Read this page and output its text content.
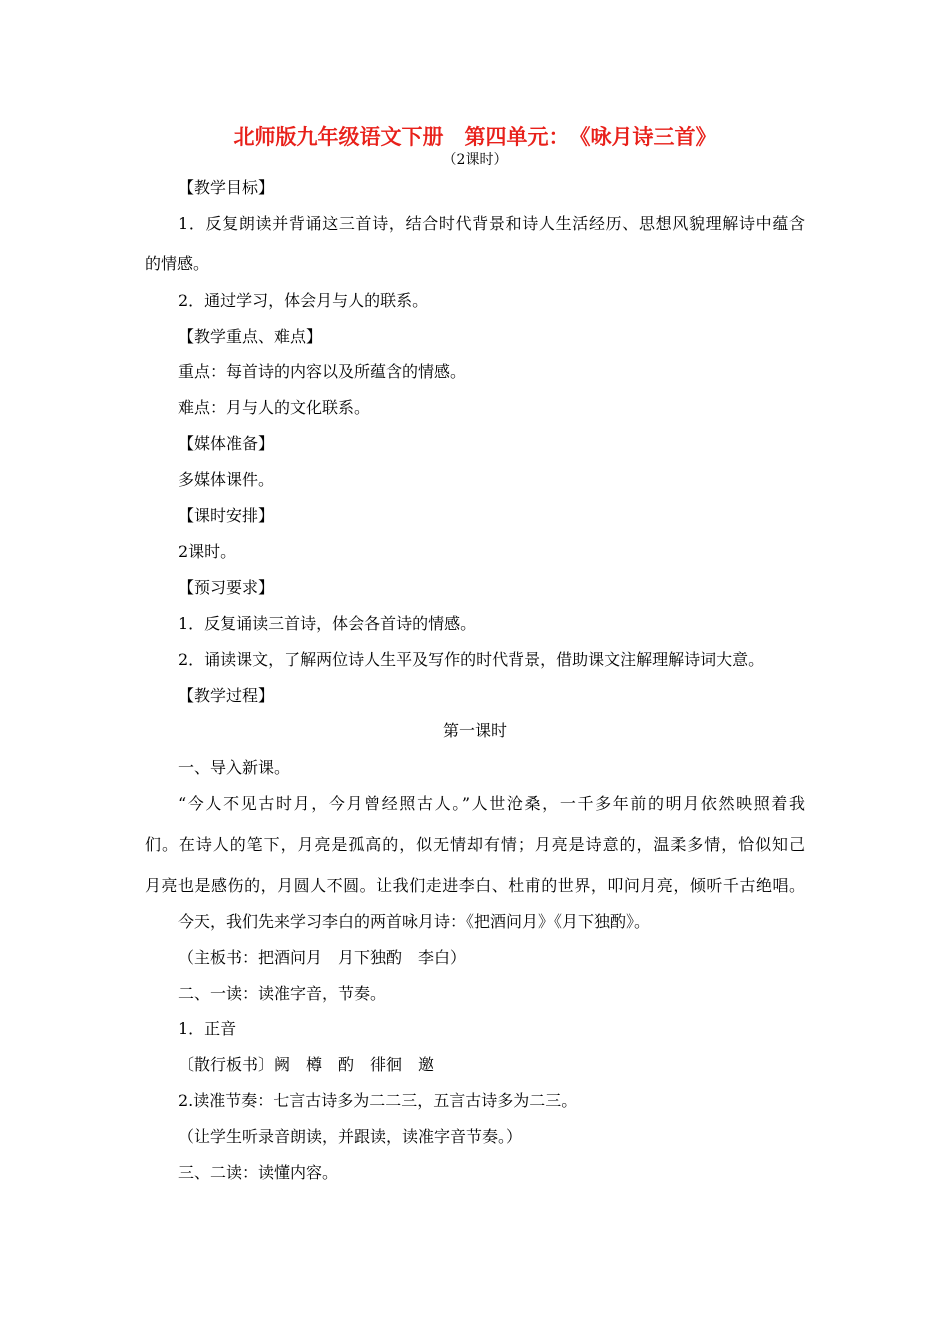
北师版九年级语文下册　第四单元：　《咏月诗三首》
（2课时）
【教学目标】
1．反复朗读并背诵这三首诗，结合时代背景和诗人生活经历、思想风貌理解诗中蕴含
的情感。
2．通过学习，体会月与人的联系。
【教学重点、难点】
重点：每首诗的内容以及所蕴含的情感。
难点：月与人的文化联系。
【媒体准备】
多媒体课件。
【课时安排】
2课时。
【预习要求】
1．反复诵读三首诗，体会各首诗的情感。
2．诵读课文，了解两位诗人生平及写作的时代背景，借助课文注解理解诗词大意。
【教学过程】
第一课时
一、导入新课。
“今人不见古时月，今月曾经照古人。”人世沧桑，一千多年前的明月依然映照着我
们。在诗人的笔下，月亮是孤高的，似无情却有情；月亮是诗意的，温柔多情，恰似知己
月亮也是感伤的，月圆人不圆。让我们走进李白、杜甫的世界，叩问月亮，倾听千古绝唱。
今天，我们先来学习李白的两首咏月诗：《把酒问月》《月下独酌》。
（主板书：把酒问月　月下独酌　李白）
二、一读：读准字音，节奏。
1．正音
〔散行板书〕阙　樽　酌　徘徊　邀
2.读准节奏：七言古诗多为二二三，五言古诗多为二三。
（让学生听录音朗读，并跟读，读准字音节奏。）
三、二读：读懂内容。
